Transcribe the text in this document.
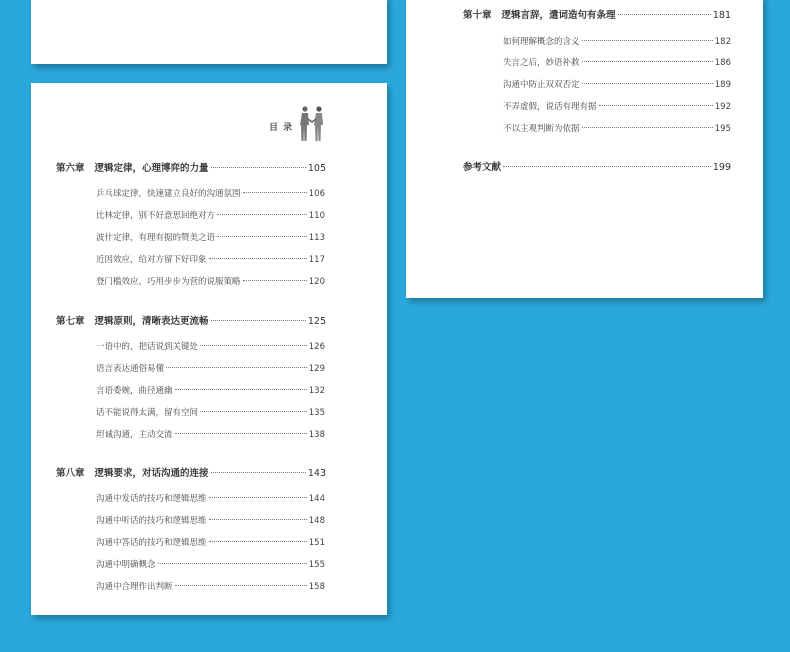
目 录
第六章 逻辑定律，心理博弈的力量	105
乒乓球定律，快速建立良好的沟通氛围	106
比林定律，别不好意思回绝对方	110
波什定律，有理有据的赞美之语	113
近因效应，给对方留下好印象	117
登门槛效应，巧用步步为营的说服策略	120
第七章 逻辑原则，清晰表达更流畅	125
一语中的，把话说到关键处	126
语言表达通俗易懂	129
言语委婉，曲径通幽	132
话不能说得太满，留有空间	135
坦诚沟通，主动交流	138
第八章 逻辑要求，对话沟通的连接	143
沟通中发话的技巧和逻辑思维	144
沟通中听话的技巧和逻辑思维	148
沟通中答话的技巧和逻辑思维	151
沟通中明确概念	155
沟通中合理作出判断	158
第十章 逻辑言辞，遣词造句有条理	181
如何理解概念的含义	182
失言之后，妙语补救	186
沟通中防止双双否定	189
不弄虚假，说话有理有据	192
不以主观判断为依据	195
参考文献	199
